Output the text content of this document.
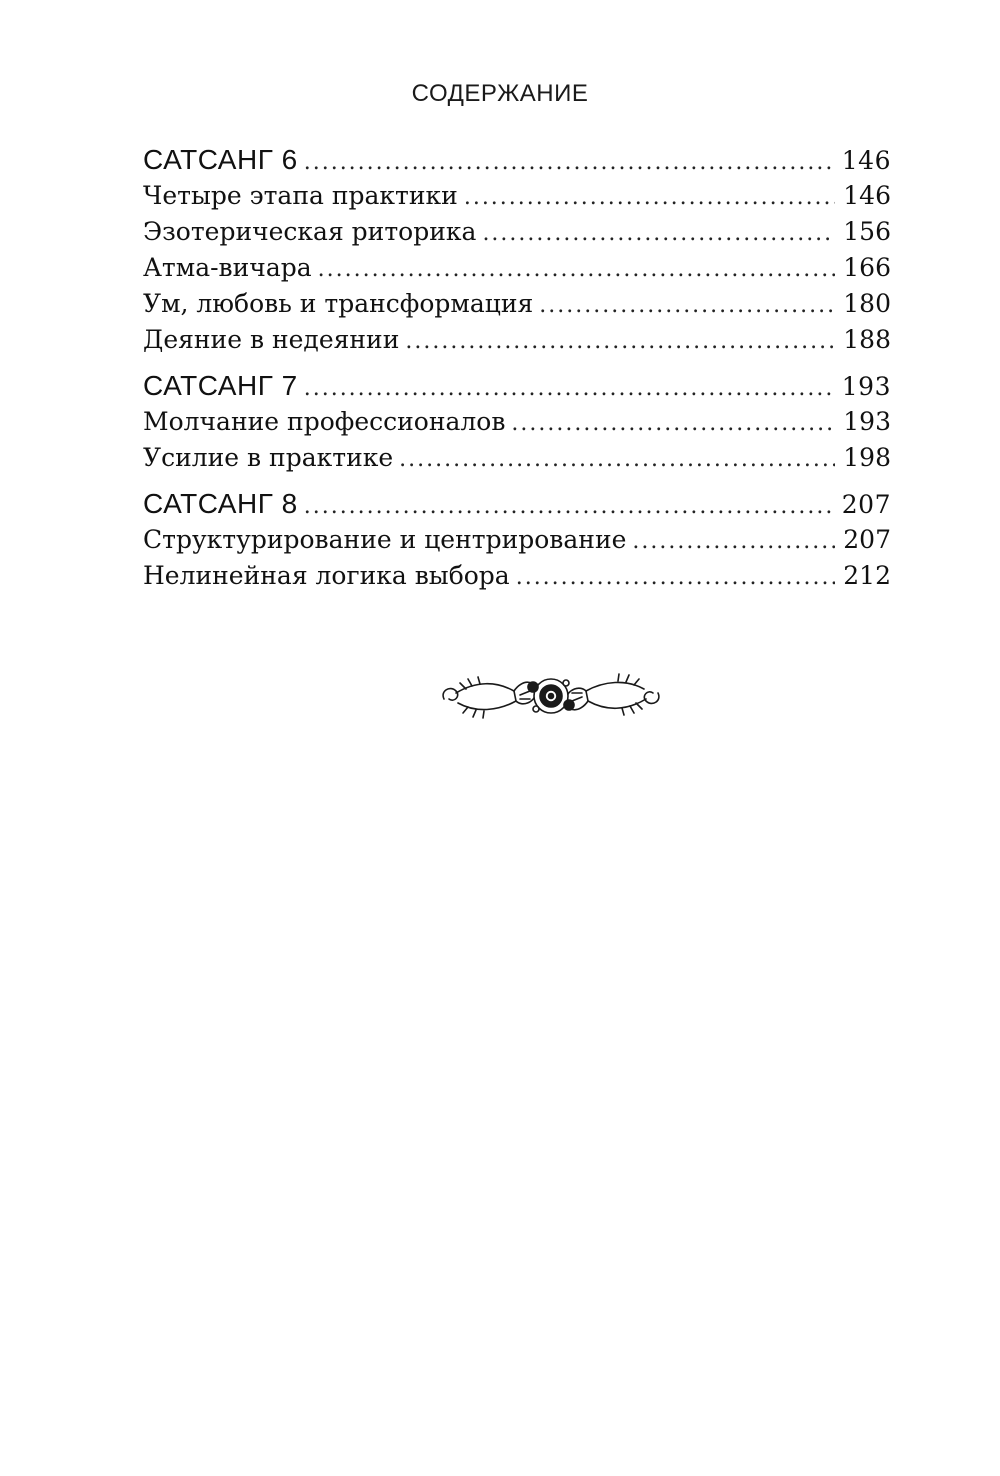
СОДЕРЖАНИЕ
САТСАНГ 6 .....	146
Четыре этапа практики .....	146
Эзотерическая риторика .....	156
Атма-вичара .....	166
Ум, любовь и трансформация .....	180
Деяние в недеянии .....	188
САТСАНГ 7 .....	193
Молчание профессионалов .....	193
Усилие в практике .....	198
САТСАНГ 8 .....	207
Структурирование и центрирование .....	207
Нелинейная логика выбора .....	212
